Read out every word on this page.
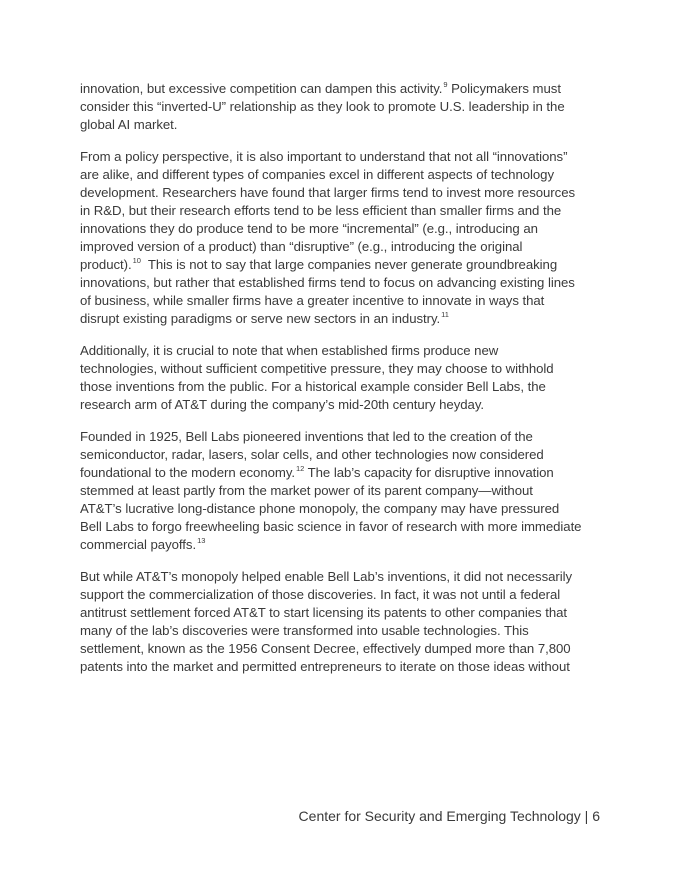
innovation, but excessive competition can dampen this activity.$^9$ Policymakers must
consider this “inverted-U” relationship as they look to promote U.S. leadership in the
global AI market.
From a policy perspective, it is also important to understand that not all “innovations”
are alike, and different types of companies excel in different aspects of technology
development. Researchers have found that larger firms tend to invest more resources
in R&D, but their research efforts tend to be less efficient than smaller firms and the
innovations they do produce tend to be more “incremental” (e.g., introducing an
improved version of a product) than “disruptive” (e.g., introducing the original
product).$^{10}$  This is not to say that large companies never generate groundbreaking
innovations, but rather that established firms tend to focus on advancing existing lines
of business, while smaller firms have a greater incentive to innovate in ways that
disrupt existing paradigms or serve new sectors in an industry.$^{11}$
Additionally, it is crucial to note that when established firms produce new
technologies, without sufficient competitive pressure, they may choose to withhold
those inventions from the public. For a historical example consider Bell Labs, the
research arm of AT&T during the company’s mid-20th century heyday.
Founded in 1925, Bell Labs pioneered inventions that led to the creation of the
semiconductor, radar, lasers, solar cells, and other technologies now considered
foundational to the modern economy.$^{12}$ The lab’s capacity for disruptive innovation
stemmed at least partly from the market power of its parent company—without
AT&T’s lucrative long-distance phone monopoly, the company may have pressured
Bell Labs to forgo freewheeling basic science in favor of research with more immediate
commercial payoffs.$^{13}$
But while AT&T’s monopoly helped enable Bell Lab’s inventions, it did not necessarily
support the commercialization of those discoveries. In fact, it was not until a federal
antitrust settlement forced AT&T to start licensing its patents to other companies that
many of the lab’s discoveries were transformed into usable technologies. This
settlement, known as the 1956 Consent Decree, effectively dumped more than 7,800
patents into the market and permitted entrepreneurs to iterate on those ideas without
Center for Security and Emerging Technology | 6
